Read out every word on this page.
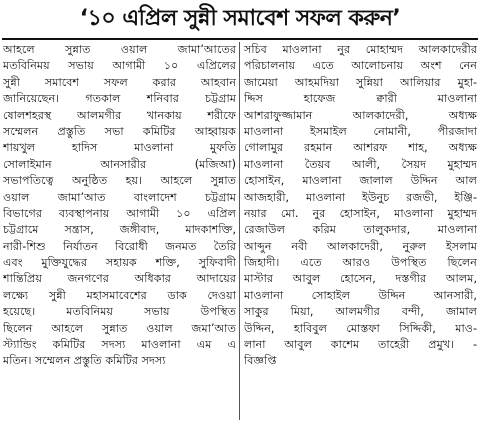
‘১০ এপ্রিল সুন্নী সমাবেশ সফল করুন’
আহলে সুন্নাত ওয়াল জামা’আতের
মতবিনিময় সভায় আগামী ১০ এপ্রিলের
সুন্নী সমাবেশ সফল করার আহবান
জানিয়েছেন। গতকাল শনিবার চট্টগ্রাম
ষোলশহরস্থ আলমগীর খানকায় শরীফে
সম্মেলন প্রস্তুতি সভা কমিটির আহ্বায়ক
শায়খুল হাদিস মাওলানা মুফতি
সোলাইমান আনসারীর (মজিআ)
সভাপতিত্বে অনুষ্ঠিত হয়। আহলে সুন্নাত
ওয়াল জামা’আত বাংলাদেশ চট্টগ্রাম
বিভাগের ব্যবস্থাপনায় আগামী ১০ এপ্রিল
চট্টগ্রামে সন্ত্রাস, জঙ্গীবাদ, মাদকাশক্তি,
নারী-শিশু নির্যাতন বিরোধী জনমত তৈরি
এবং মুক্তিযুদ্ধের সহায়ক শক্তি, সুফিবাদী
শান্তিপ্রিয় জনগণের অধিকার আদায়ের
লক্ষ্যে সুন্নী মহাসমাবেশের ডাক দেওয়া
হয়েছে। মতবিনিময় সভায় উপস্থিত
ছিলেন আহলে সুন্নাত ওয়াল জমা’আত
স্ট্যান্ডিং কমিটির সদস্য মাওলানা এম এ
মতিন। সম্মেলন প্রস্তুতি কমিটির সদস্য
সচিব মাওলানা নুর মোহাম্মদ আলকাদেরীর
পরিচালনায় এতে আলোচনায় অংশ নেন
জামেয়া আহমদিয়া সুন্নিয়া আলিয়ার মুহা-
দ্দিস হাফেজ ক্বারী মাওলানা
আশরাফুজ্জামান আলকাদেরী, অধ্যক্ষ
মাওলানা ইসমাইল নোমানী, পীরজাদা
গোলামুর রহমান আশরফ শাহ, অধ্যক্ষ
মাওলানা তৈয়ব আলী, সৈয়দ মুহাম্মদ
হোসাইন, মাওলানা জালাল উদ্দিন আল
আজহারী, মাওলানা ইউনুচ রজভী, ইঞ্জি-
নয়ার মো. নুর হোসাইন, মাওলানা মুহাম্মদ
রেজাউল করিম তালুকদার, মাওলানা
আব্দুন নবী আলকাদেরী, নুরুল ইসলাম
জিহাদী। এতে আরও উপস্থিত ছিলেন
মাস্টার আবুল হোসেন, দস্তগীর আলম,
মাওলানা সোহাইল উদ্দিন আনসারী,
সাকুর মিয়া, আলমগীর বন্দী, জামাল
উদ্দিন, হাবিবুল মোস্তফা সিদ্দিকী, মাও-
লানা আবুল কাশেম তাহেরী প্রমুখ। -
বিজ্ঞপ্তি
